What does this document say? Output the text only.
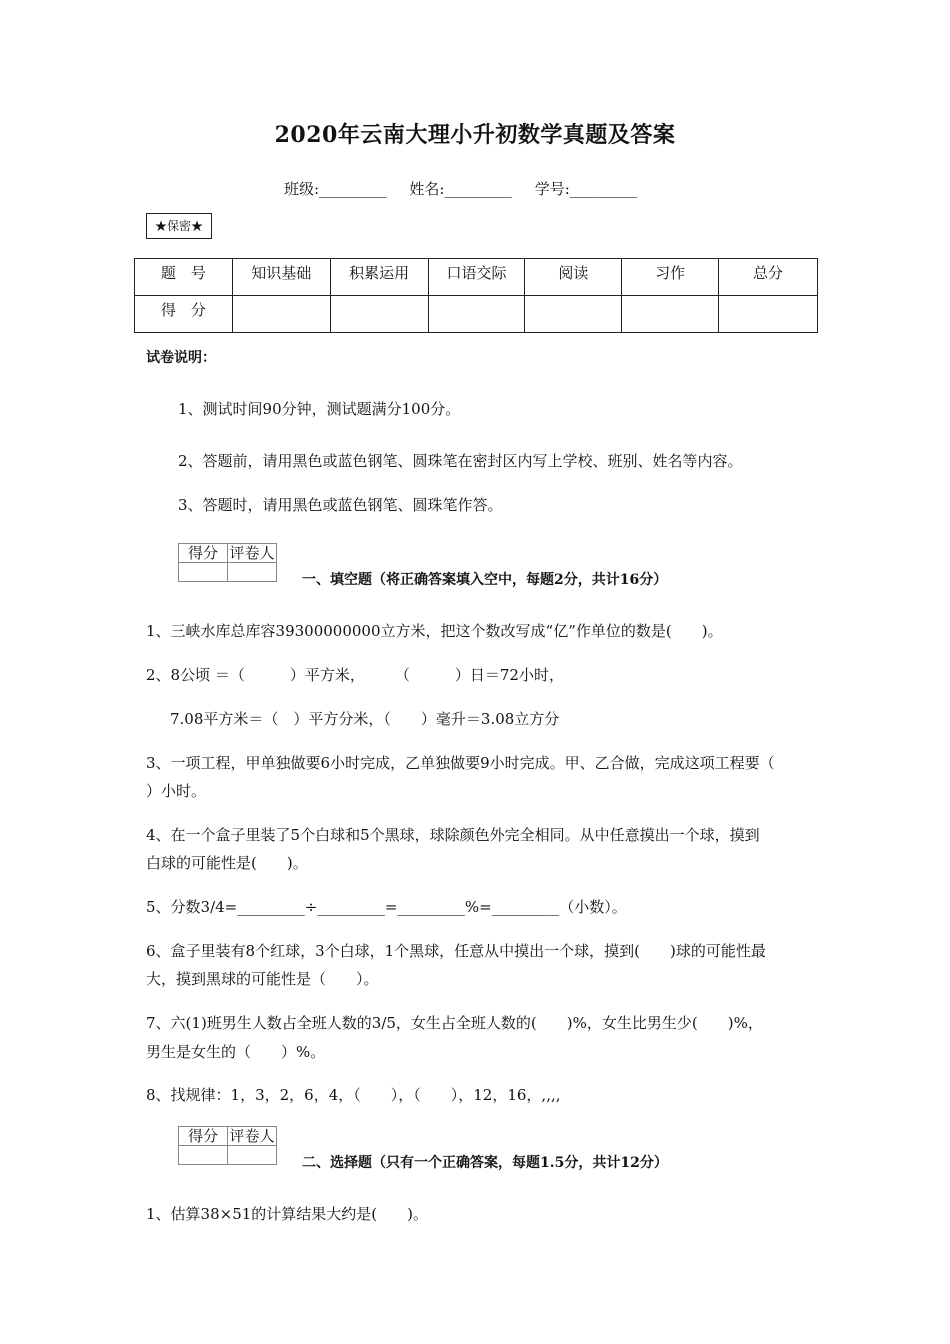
2020年云南大理小升初数学真题及答案
班级:_________ 姓名:_________ 学号:_________
★保密★
题　号	知识基础	积累运用	口语交际	阅读	习作	总分
得　分						
试卷说明：
1、测试时间90分钟，测试题满分100分。
2、答题前，请用黑色或蓝色钢笔、圆珠笔在密封区内写上学校、班别、姓名等内容。
3、答题时，请用黑色或蓝色钢笔、圆珠笔作答。
得分	评卷人

一、填空题（将正确答案填入空中，每题2分，共计16分）
1、三峡水库总库容39300000000立方米，把这个数改写成“亿”作单位的数是(　　)。
2、8公顷 ＝（　　　）平方米，　　　（　　　）日＝72小时，
7.08平方米＝（　）平方分米，（　　）毫升＝3.08立方分
3、一项工程，甲单独做要6小时完成，乙单独做要9小时完成。甲、乙合做，完成这项工程要（
）小时。
4、在一个盒子里装了5个白球和5个黑球，球除颜色外完全相同。从中任意摸出一个球，摸到
白球的可能性是(　　)。
5、分数3/4=_________÷_________=_________%=_________（小数）。
6、盒子里装有8个红球，3个白球，1个黑球，任意从中摸出一个球，摸到(　　)球的可能性最
大，摸到黑球的可能性是（　　）。
7、六(1)班男生人数占全班人数的3/5，女生占全班人数的(　　)%，女生比男生少(　　)%，
男生是女生的（　　）%。
8、找规律：1，3，2，6，4，（　　），（　　），12，16，,,,,
得分	评卷人

二、选择题（只有一个正确答案，每题1.5分，共计12分）
1、估算38×51的计算结果大约是(　　)。
